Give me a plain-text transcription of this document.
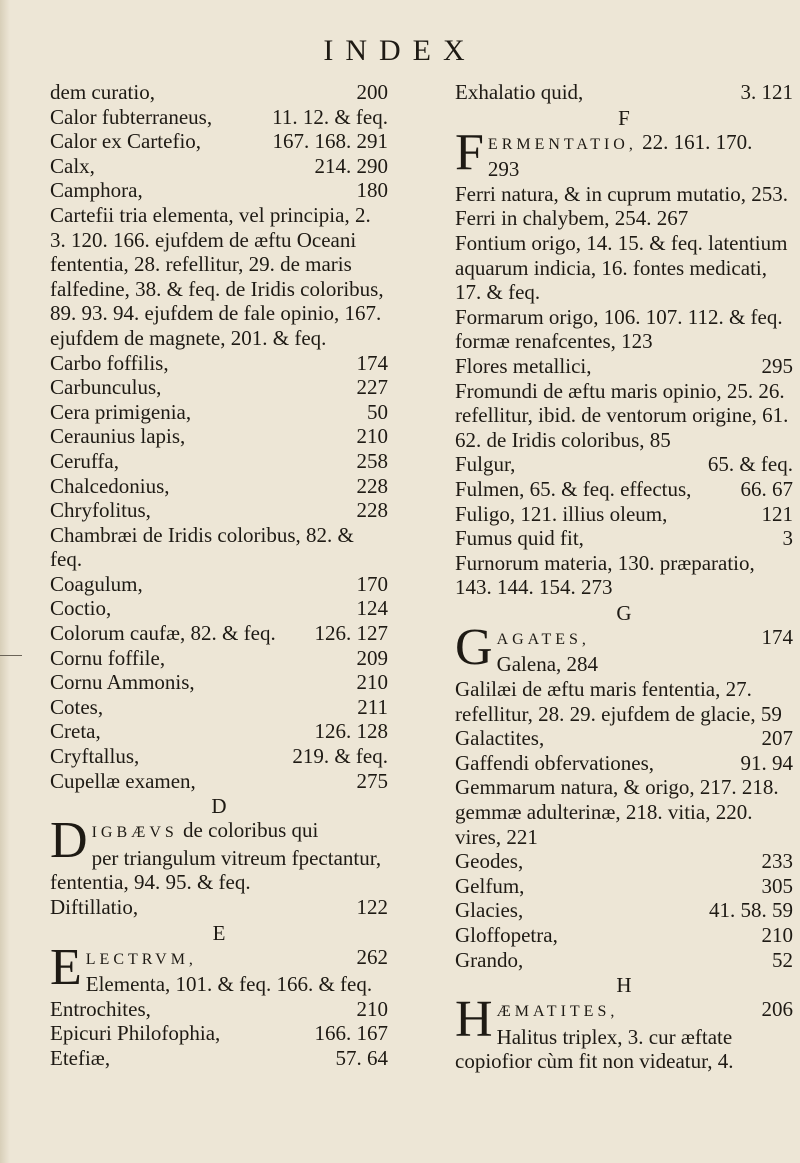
INDEX
dem curatio,	200
Calor fubterraneus,	11. 12. & feq.
Calor ex Cartefio,	167. 168. 291
Calx,	214. 290
Camphora,	180
Cartefii tria elementa, vel principia, 2. 3. 120. 166. ejufdem de æftu Oceani fententia, 28. refellitur, 29. de maris falfedine, 38. & feq. de Iridis coloribus, 89. 93. 94. ejufdem de fale opinio, 167. ejufdem de magnete, 201. & feq.
Carbo foffilis,	174
Carbunculus,	227
Cera primigenia,	50
Ceraunius lapis,	210
Ceruffa,	258
Chalcedonius,	228
Chryfolitus,	228
Chambræi de Iridis coloribus, 82. & feq.
Coagulum,	170
Coctio,	124
Colorum caufæ, 82. & feq. 126. 127
Cornu foffile,	209
Cornu Ammonis,	210
Cotes,	211
Creta,	126. 128
Cryftallus,	219. & feq.
Cupellæ examen,	275
D
D IGBÆVS de coloribus qui
per triangulum vitreum fpectantur, fententia, 94. 95. & feq.
Diftillatio,	122
E
E LECTRVM,	262
Elementa, 101. & feq. 166. & feq.
Entrochites,	210
Epicuri Philofophia,	166. 167
Etefiæ,	57. 64
Exhalatio quid,	3. 121
F
F ERMENTATIO, 22. 161. 170.
293
Ferri natura, & in cuprum mutatio, 253. Ferri in chalybem, 254. 267
Fontium origo, 14. 15. & feq. latentium aquarum indicia, 16. fontes medicati, 17. & feq.
Formarum origo, 106. 107. 112. & feq. formæ renafcentes, 123
Flores metallici,	295
Fromundi de æftu maris opinio, 25. 26. refellitur, ibid. de ventorum origine, 61. 62. de Iridis coloribus, 85
Fulgur,	65. & feq.
Fulmen, 65. & feq. effectus, 66. 67
Fuligo, 121. illius oleum,	121
Fumus quid fit,	3
Furnorum materia, 130. præparatio, 143. 144. 154. 273
G
G AGATES,	174
Galena, 284
Galilæi de æftu maris fententia, 27. refellitur, 28. 29. ejufdem de glacie, 59
Galactites,	207
Gaffendi obfervationes,	91. 94
Gemmarum natura, & origo, 217. 218. gemmæ adulterinæ, 218. vitia, 220. vires, 221
Geodes,	233
Gelfum,	305
Glacies,	41. 58. 59
Gloffopetra,	210
Grando,	52
H
H ÆMATITES,	206
Halitus triplex, 3. cur æftate copiofior cùm fit non videatur, 4.
